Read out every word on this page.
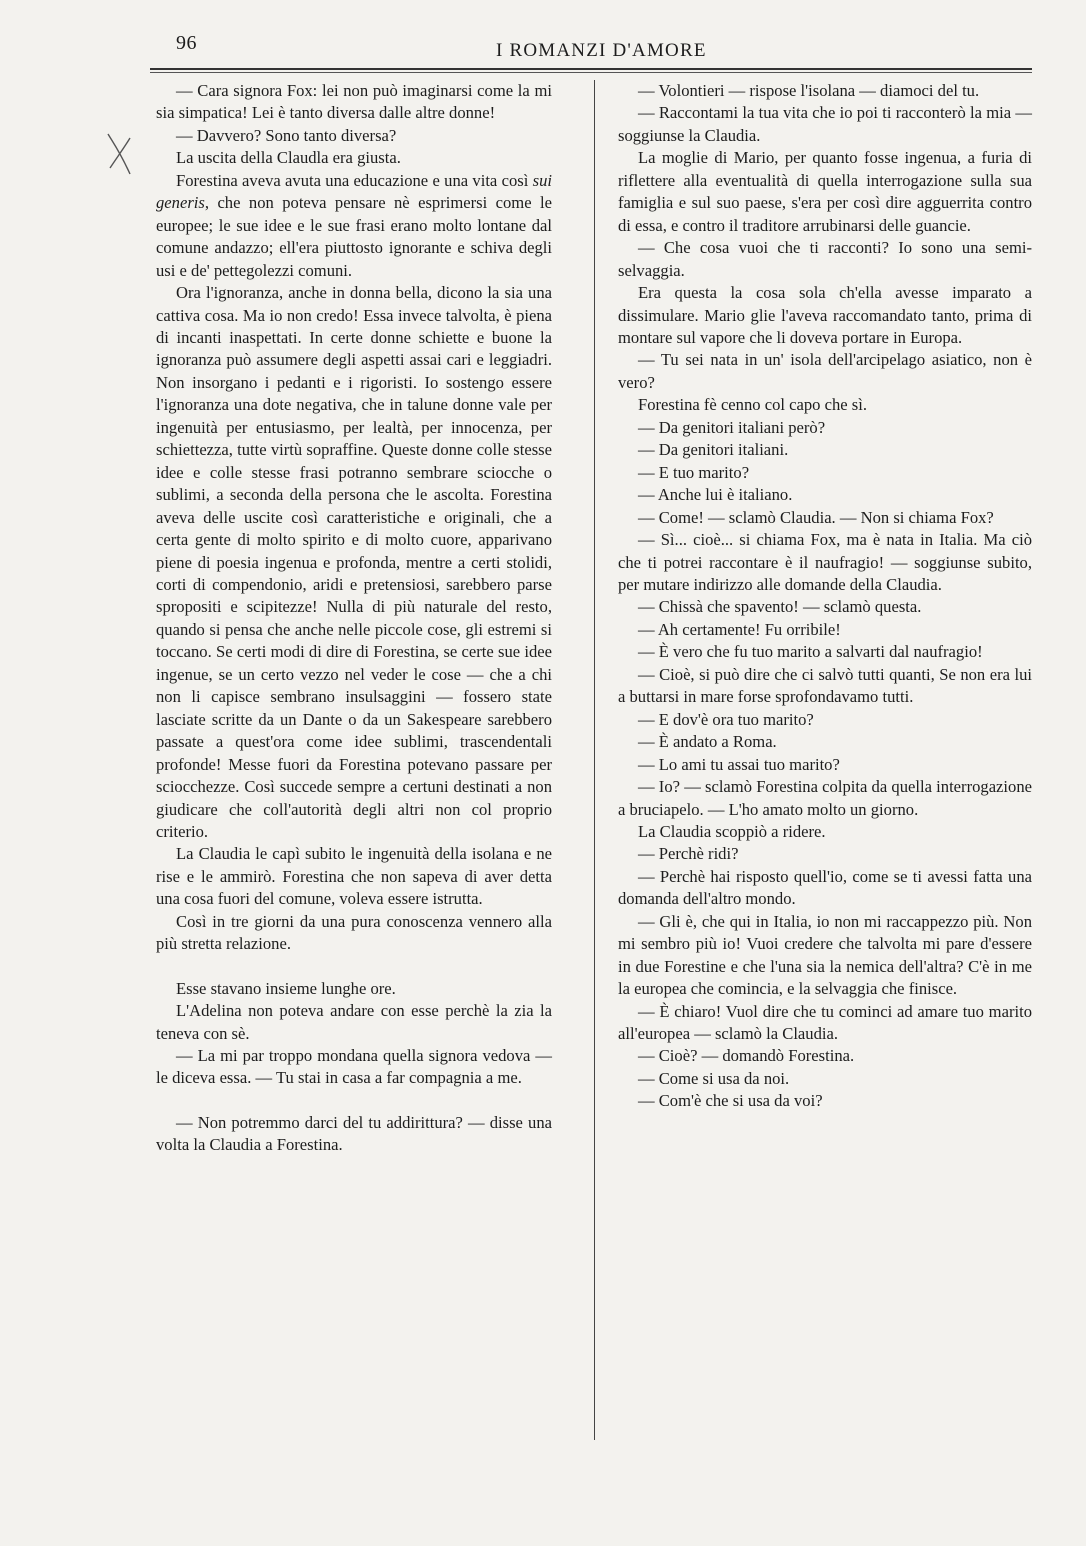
96	I ROMANZI D'AMORE

— Cara signora Fox: lei non può imaginarsi come la mi sia simpatica! Lei è tanto diversa dalle altre donne!

— Davvero? Sono tanto diversa?

La uscita della Claudla era giusta.

Forestina aveva avuta una educazione e una vita così sui generis, che non poteva pensare nè esprimersi come le europee; le sue idee e le sue frasi erano molto lontane dal comune andazzo; ell'era piuttosto ignorante e schiva degli usi e de' pettegolezzi comuni.

Ora l'ignoranza, anche in donna bella, dicono la sia una cattiva cosa. Ma io non credo! Essa invece talvolta, è piena di incanti inaspettati. In certe donne schiette e buone la ignoranza può assumere degli aspetti assai cari e leggiadri. Non insorgano i pedanti e i rigoristi. Io sostengo essere l'ignoranza una dote negativa, che in talune donne vale per ingenuità per entusiasmo, per lealtà, per innocenza, per schiettezza, tutte virtù sopraffine. Queste donne colle stesse idee e colle stesse frasi potranno sembrare sciocche o sublimi, a seconda della persona che le ascolta. Forestina aveva delle uscite così caratteristiche e originali, che a certa gente di molto spirito e di molto cuore, apparivano piene di poesia ingenua e profonda, mentre a certi stolidi, corti di compendonio, aridi e pretensiosi, sarebbero parse spropositi e scipitezze! Nulla di più naturale del resto, quando si pensa che anche nelle piccole cose, gli estremi si toccano. Se certi modi di dire di Forestina, se certe sue idee ingenue, se un certo vezzo nel veder le cose — che a chi non li capisce sembrano insulsaggini — fossero state lasciate scritte da un Dante o da un Sakespeare sarebbero passate a quest'ora come idee sublimi, trascendentali profonde! Messe fuori da Forestina potevano passare per sciocchezze. Così succede sempre a certuni destinati a non giudicare che coll'autorità degli altri non col proprio criterio.

La Claudia le capì subito le ingenuità della isolana e ne rise e le ammirò. Forestina che non sapeva di aver detta una cosa fuori del comune, voleva essere istrutta.

Così in tre giorni da una pura conoscenza vennero alla più stretta relazione.

Esse stavano insieme lunghe ore.

L'Adelina non poteva andare con esse perchè la zia la teneva con sè.

— La mi par troppo mondana quella signora vedova — le diceva essa. — Tu stai in casa a far compagnia a me.

— Non potremmo darci del tu addirittura? — disse una volta la Claudia a Forestina.

— Volontieri — rispose l'isolana — diamoci del tu.

— Raccontami la tua vita che io poi ti racconterò la mia — soggiunse la Claudia.

La moglie di Mario, per quanto fosse ingenua, a furia di riflettere alla eventualità di quella interrogazione sulla sua famiglia e sul suo paese, s'era per così dire agguerrita contro di essa, e contro il traditore arrubinarsi delle guancie.

— Che cosa vuoi che ti racconti? Io sono una semi-selvaggia.

Era questa la cosa sola ch'ella avesse imparato a dissimulare. Mario glie l'aveva raccomandato tanto, prima di montare sul vapore che li doveva portare in Europa.

— Tu sei nata in un' isola dell'arcipelago asiatico, non è vero?

Forestina fè cenno col capo che sì.

— Da genitori italiani però?

— Da genitori italiani.

— E tuo marito?

— Anche lui è italiano.

— Come! — sclamò Claudia. — Non si chiama Fox?

— Sì... cioè... si chiama Fox, ma è nata in Italia. Ma ciò che ti potrei raccontare è il naufragio! — soggiunse subito, per mutare indirizzo alle domande della Claudia.

— Chissà che spavento! — sclamò questa.

— Ah certamente! Fu orribile!

— È vero che fu tuo marito a salvarti dal naufragio!

— Cioè, si può dire che ci salvò tutti quanti, Se non era lui a buttarsi in mare forse sprofondavamo tutti.

— E dov'è ora tuo marito?

— È andato a Roma.

— Lo ami tu assai tuo marito?

— Io? — sclamò Forestina colpita da quella interrogazione a bruciapelo. — L'ho amato molto un giorno.

La Claudia scoppiò a ridere.

— Perchè ridi?

— Perchè hai risposto quell'io, come se ti avessi fatta una domanda dell'altro mondo.

— Gli è, che qui in Italia, io non mi raccappezzo più. Non mi sembro più io! Vuoi credere che talvolta mi pare d'essere in due Forestine e che l'una sia la nemica dell'altra? C'è in me la europea che comincia, e la selvaggia che finisce.

— È chiaro! Vuol dire che tu cominci ad amare tuo marito all'europea — sclamò la Claudia.

— Cioè? — domandò Forestina.

— Come si usa da noi.

— Com'è che si usa da voi?
